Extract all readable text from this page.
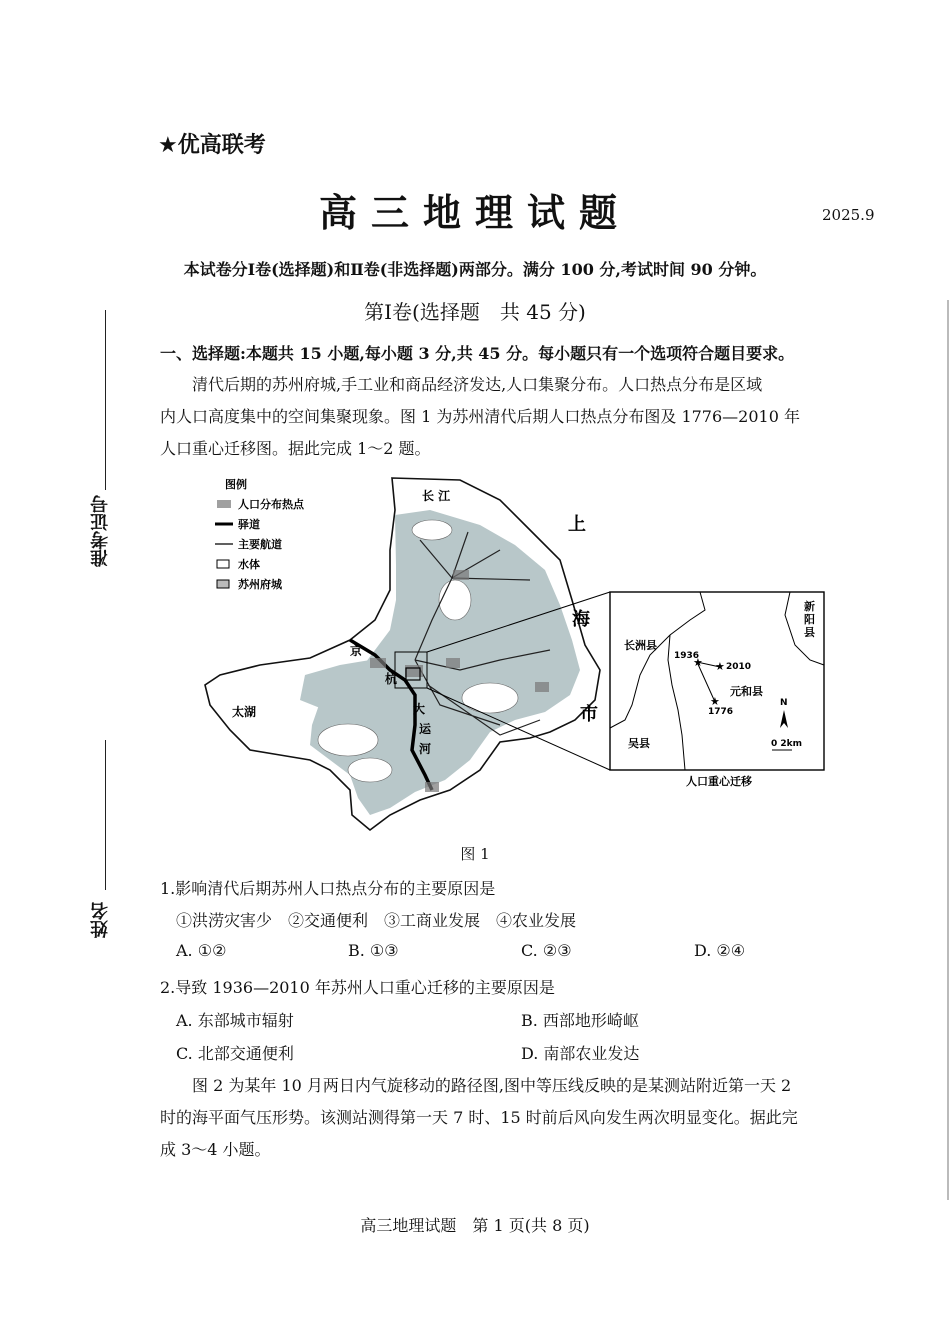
★优高联考
高三地理试题	2025.9
本试卷分Ⅰ卷(选择题)和Ⅱ卷(非选择题)两部分。满分 100 分,考试时间 90 分钟。
第Ⅰ卷(选择题　共 45 分)
准考证号
姓名
一、选择题:本题共 15 小题,每小题 3 分,共 45 分。每小题只有一个选项符合题目要求。
清代后期的苏州府城,手工业和商品经济发达,人口集聚分布。人口热点分布是区域
内人口高度集中的空间集聚现象。图 1 为苏州清代后期人口热点分布图及 1776—2010 年
人口重心迁移图。据此完成 1～2 题。
图例
人口分布热点
驿道
主要航道
水体
苏州府城
长 江
上
海
市
太湖
京
杭
大
运
河
★ ★
★
长洲县
新
阳
县
元和县
吴县
1936
2010
1776
N
0 2km
人口重心迁移
图 1
1.影响清代后期苏州人口热点分布的主要原因是
①洪涝灾害少　②交通便利　③工商业发展　④农业发展
A. ①②	B. ①③	C. ②③	D. ②④
2.导致 1936—2010 年苏州人口重心迁移的主要原因是
A. 东部城市辐射	B. 西部地形崎岖
C. 北部交通便利	D. 南部农业发达
图 2 为某年 10 月两日内气旋移动的路径图,图中等压线反映的是某测站附近第一天 2
时的海平面气压形势。该测站测得第一天 7 时、15 时前后风向发生两次明显变化。据此完
成 3～4 小题。
高三地理试题　第 1 页(共 8 页)
